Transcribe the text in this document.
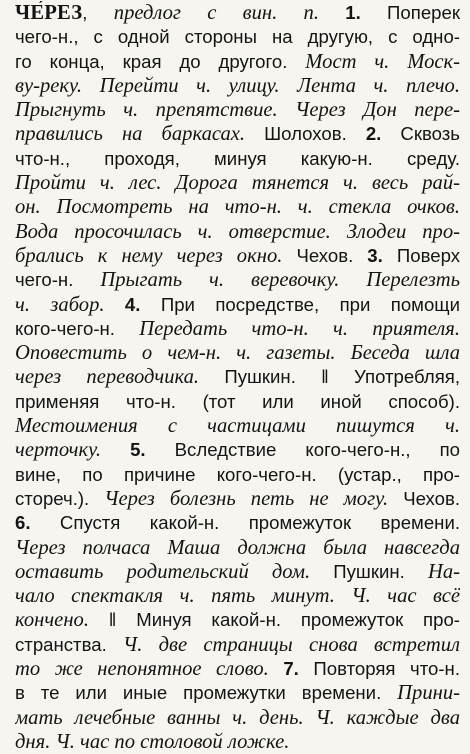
ЧЕ́РЕЗ, предлог с вин. п. 1. Поперек
чего-н., с одной стороны на другую, с одно-
го конца, края до другого. Мост ч. Моск-
ву-реку. Перейти ч. улицу. Лента ч. плечо.
Прыгнуть ч. препятствие. Через Дон пере-
правились на баркасах. Шолохов. 2. Сквозь
что-н., проходя, минуя какую-н. среду.
Пройти ч. лес. Дорога тянется ч. весь рай-
он. Посмотреть на что-н. ч. стекла очков.
Вода просочилась ч. отверстие. Злодеи про-
брались к нему через окно. Чехов. 3. Поверх
чего-н. Прыгать ч. веревочку. Перелезть
ч. забор. 4. При посредстве, при помощи
кого-чего-н. Передать что-н. ч. приятеля.
Оповестить о чем-н. ч. газеты. Беседа шла
через переводчика. Пушкин. ‖ Употребляя,
применяя что-н. (тот или иной способ).
Местоимения с частицами пишутся ч.
черточку. 5. Вследствие кого-чего-н., по
вине, по причине кого-чего-н. (устар., про-
стореч.). Через болезнь петь не могу. Чехов.
6. Спустя какой-н. промежуток времени.
Через полчаса Маша должна была навсегда
оставить родительский дом. Пушкин. На-
чало спектакля ч. пять минут. Ч. час всё
кончено. ‖ Минуя какой-н. промежуток про-
странства. Ч. две страницы снова встретил
то же непонятное слово. 7. Повторяя что-н.
в те или иные промежутки времени. Прини-
мать лечебные ванны ч. день. Ч. каждые два
дня. Ч. час по столовой ложке.
